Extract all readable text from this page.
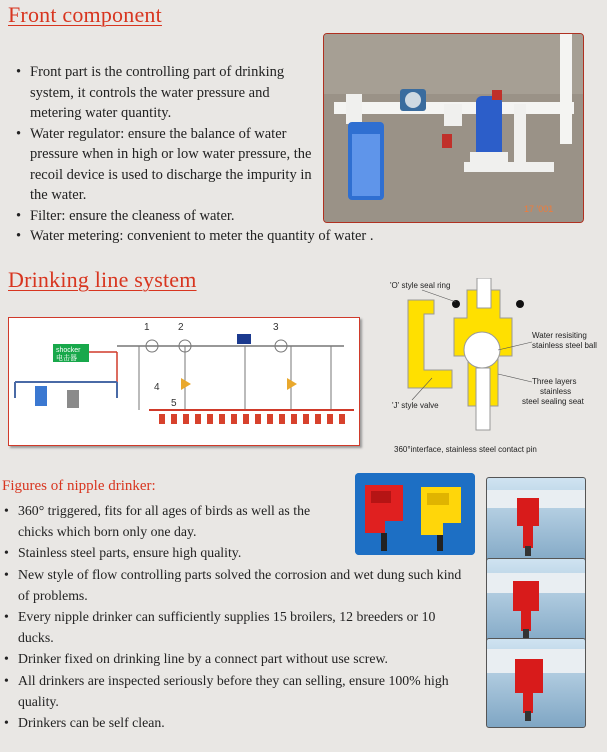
Front component
• Front part is the controlling part of drinking system, it controls the water pressure and metering water quantity.
• Water regulator: ensure the balance of water pressure when in high or low water pressure, the recoil device is used to discharge the impurity in the water.
• Filter: ensure the cleaness of water.
• Water metering: convenient to meter the quantity of water .
17 '001
Drinking line system
shocker
电击器
1	2	3
4
5
'O' style seal ring
Water resisiting
stainless steel ball
Three layers
stainless
steel sealing seat
'J' style valve
360°interface, stainless steel contact pin
Figures of nipple drinker:
• 360° triggered, fits for all ages of birds as well as the chicks which born only one day.
• Stainless steel parts, ensure high quality.
• New style of flow controlling parts solved the corrosion and wet dung such kind of problems.
• Every nipple drinker can sufficiently supplies 15 broilers, 12 breeders or 10 ducks.
• Drinker fixed on drinking line by a connect part without use screw.
• All drinkers are inspected seriously before they can selling, ensure 100% high quality.
• Drinkers can be self clean.
